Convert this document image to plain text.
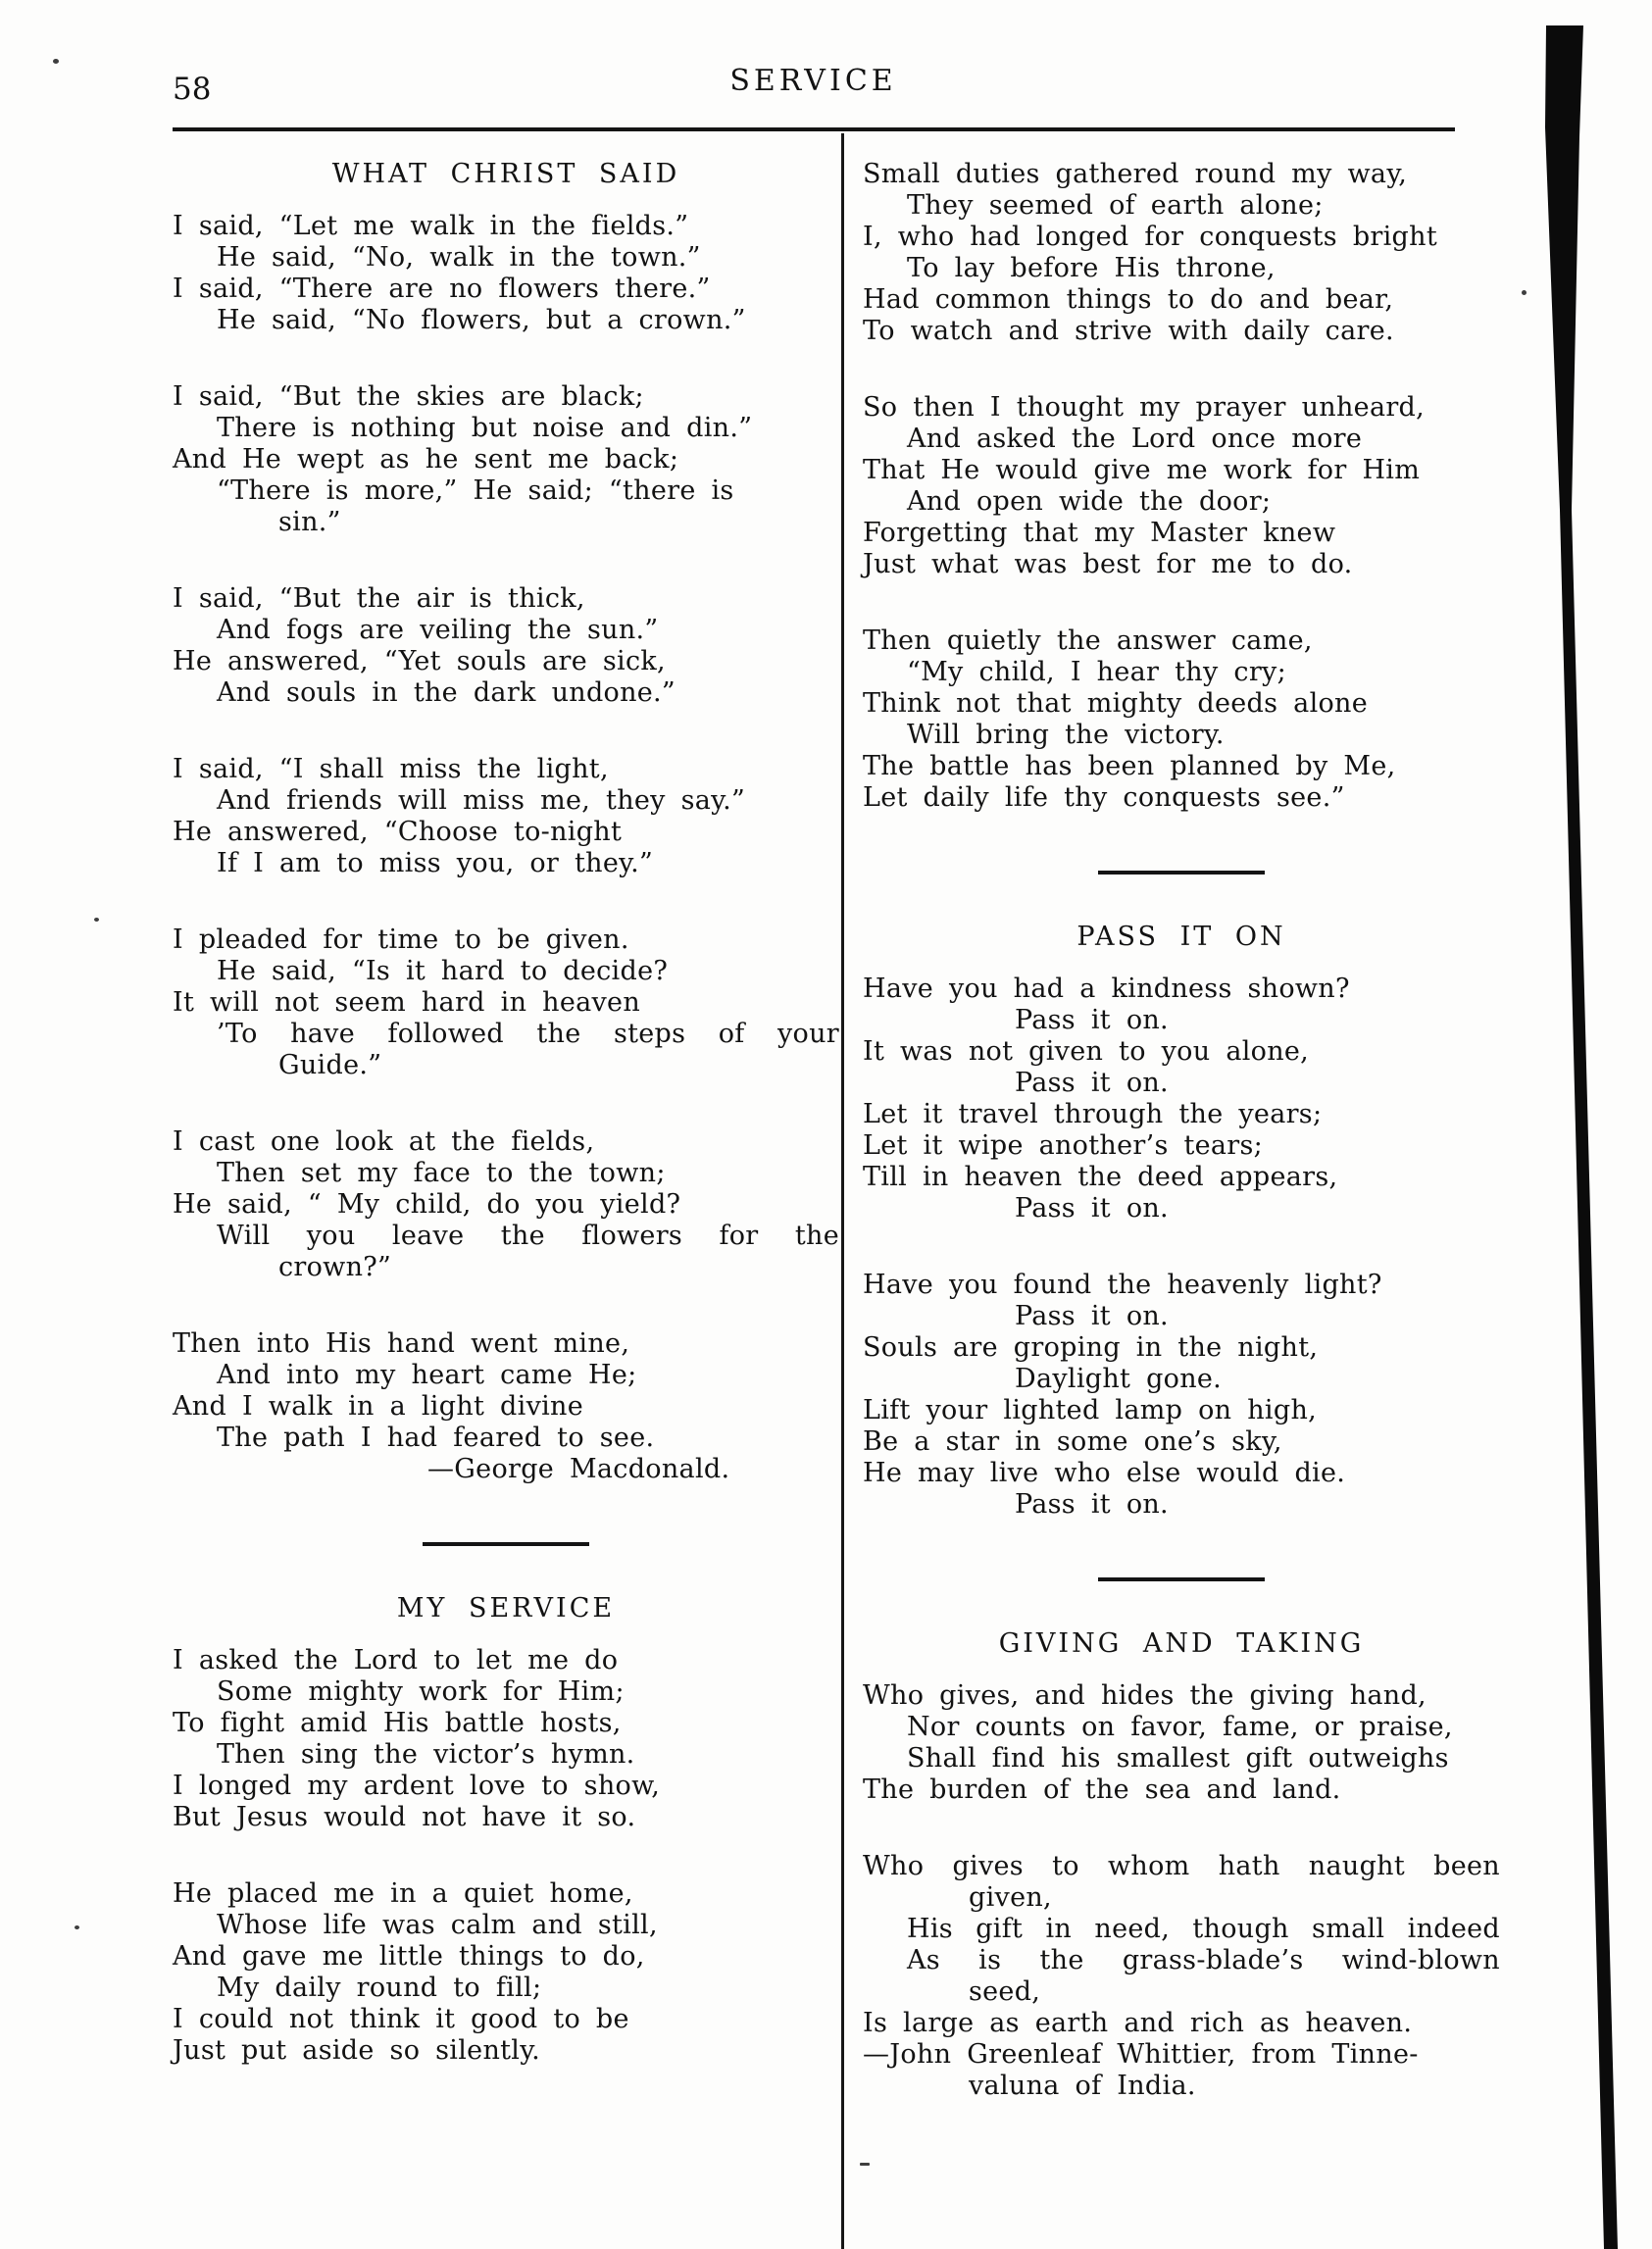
58	SERVICE
WHAT CHRIST SAID
I said, “Let me walk in the fields.”
He said, “No, walk in the town.”
I said, “There are no flowers there.”
He said, “No flowers, but a crown.”
I said, “But the skies are black;
There is nothing but noise and din.”
And He wept as he sent me back;
“There is more,” He said; “there is
sin.”
I said, “But the air is thick,
And fogs are veiling the sun.”
He answered, “Yet souls are sick,
And souls in the dark undone.”
I said, “I shall miss the light,
And friends will miss me, they say.”
He answered, “Choose to-night
If I am to miss you, or they.”
I pleaded for time to be given.
He said, “Is it hard to decide?
It will not seem hard in heaven
’To have followed the steps of your
Guide.”
I cast one look at the fields,
Then set my face to the town;
He said, “ My child, do you yield?
Will you leave the flowers for the
crown?”
Then into His hand went mine,
And into my heart came He;
And I walk in a light divine
The path I had feared to see.
—George Macdonald.
MY SERVICE
I asked the Lord to let me do
Some mighty work for Him;
To fight amid His battle hosts,
Then sing the victor’s hymn.
I longed my ardent love to show,
But Jesus would not have it so.
He placed me in a quiet home,
Whose life was calm and still,
And gave me little things to do,
My daily round to fill;
I could not think it good to be
Just put aside so silently.
Small duties gathered round my way,
They seemed of earth alone;
I, who had longed for conquests bright
To lay before His throne,
Had common things to do and bear,
To watch and strive with daily care.
So then I thought my prayer unheard,
And asked the Lord once more
That He would give me work for Him
And open wide the door;
Forgetting that my Master knew
Just what was best for me to do.
Then quietly the answer came,
“My child, I hear thy cry;
Think not that mighty deeds alone
Will bring the victory.
The battle has been planned by Me,
Let daily life thy conquests see.”
PASS IT ON
Have you had a kindness shown?
Pass it on.
It was not given to you alone,
Pass it on.
Let it travel through the years;
Let it wipe another’s tears;
Till in heaven the deed appears,
Pass it on.
Have you found the heavenly light?
Pass it on.
Souls are groping in the night,
Daylight gone.
Lift your lighted lamp on high,
Be a star in some one’s sky,
He may live who else would die.
Pass it on.
GIVING AND TAKING
Who gives, and hides the giving hand,
Nor counts on favor, fame, or praise,
Shall find his smallest gift outweighs
The burden of the sea and land.
Who gives to whom hath naught been
given,
His gift in need, though small indeed
As is the grass-blade’s wind-blown
seed,
Is large as earth and rich as heaven.
—John Greenleaf Whittier, from Tinne-
valuna of India.
